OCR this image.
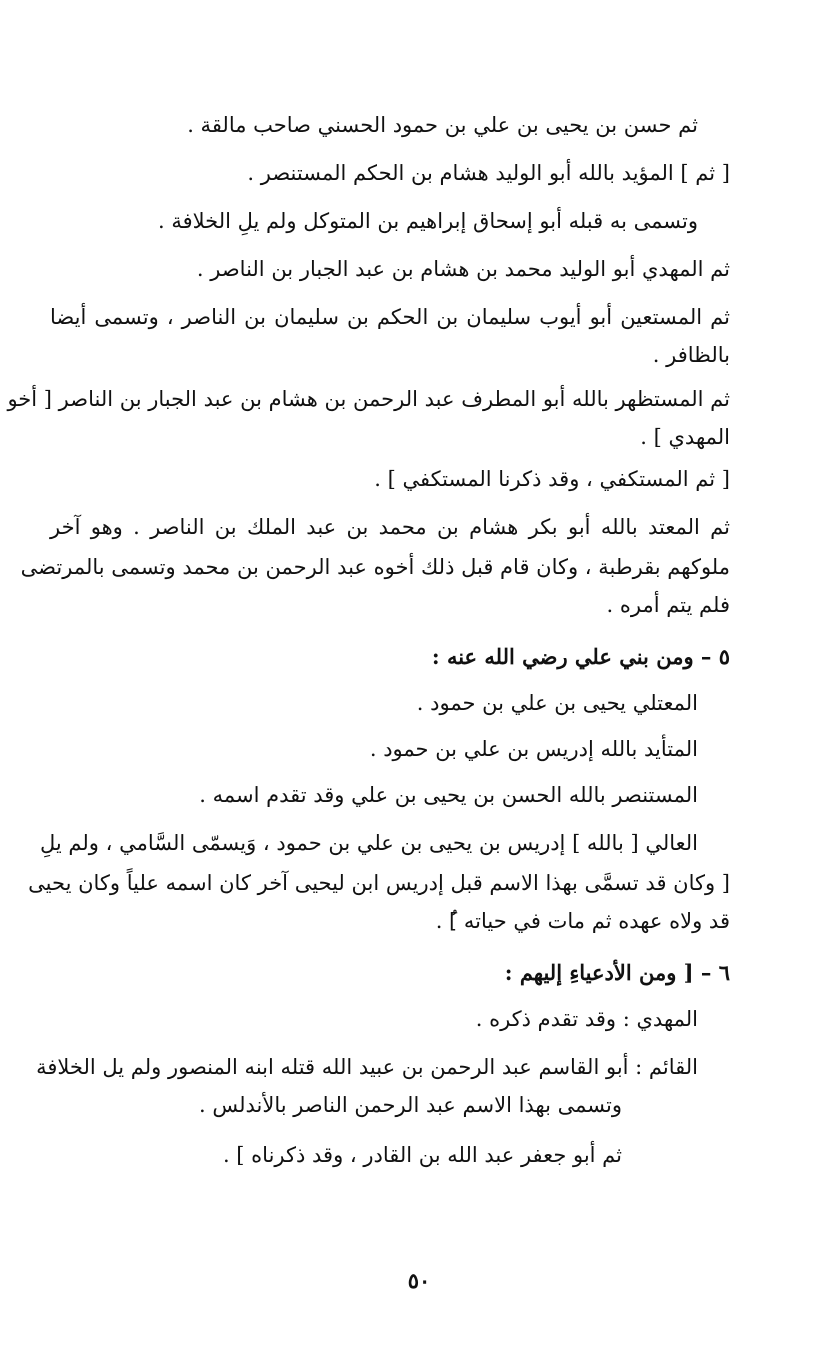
ثم حسن بن يحيى بن علي بن حمود الحسني صاحب مالقة .
[ ثم ] المؤيد بالله أبو الوليد هشام بن الحكم المستنصر .
وتسمى به قبله أبو إسحاق إبراهيم بن المتوكل ولم يلِ الخلافة .
ثم المهدي أبو الوليد محمد بن هشام بن عبد الجبار بن الناصر .
ثم المستعين أبو أيوب سليمان بن الحكم بن سليمان بن الناصر ، وتسمى أيضا
بالظافر .
ثم المستظهر بالله أبو المطرف عبد الرحمن بن هشام بن عبد الجبار بن الناصر [ أخو
المهدي ] .
[ ثم المستكفي ، وقد ذكرنا المستكفي ] .
ثم المعتد بالله أبو بكر هشام بن محمد بن عبد الملك بن الناصر . وهو آخر
ملوكهم بقرطبة ، وكان قام قبل ذلك أخوه عبد الرحمن بن محمد وتسمى بالمرتضى
فلم يتم أمره .
٥ – ومن بني علي رضي الله عنه :
المعتلي يحيى بن علي بن حمود .
المتأيد بالله إدريس بن علي بن حمود .
المستنصر بالله الحسن بن يحيى بن علي وقد تقدم اسمه .
العالي [ بالله ] إدريس بن يحيى بن علي بن حمود ، وَيسمّى السَّامي ، ولم يلِ
[ وكان قد تسمَّى بهذا الاسم قبل إدريس ابن ليحيى آخر كان اسمه علياً وكان يحيى
قد ولاه عهده ثم مات في حياته ]ُ .
٦ – [ ومن الأدعياءِ إليهم :
المهدي : وقد تقدم ذكره .
القائم : أبو القاسم عبد الرحمن بن عبيد الله قتله ابنه المنصور ولم يل الخلافة
وتسمى بهذا الاسم عبد الرحمن الناصر بالأندلس .
ثم أبو جعفر عبد الله بن القادر ، وقد ذكرناه ] .
٥٠
